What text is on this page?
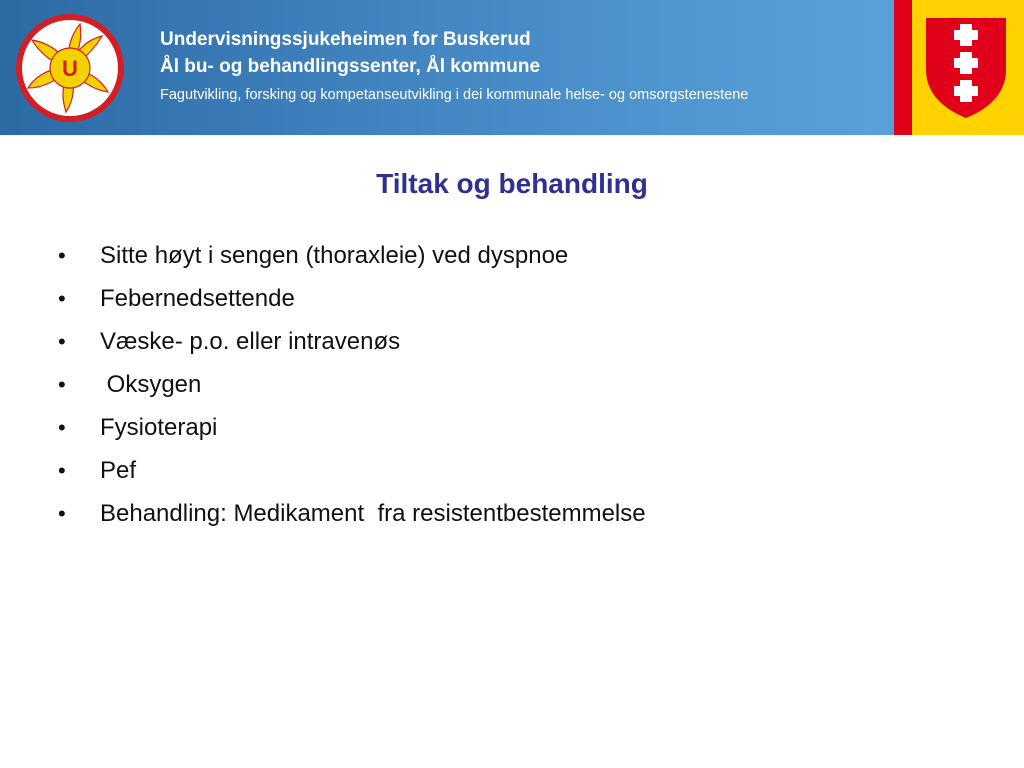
U
Undervisningssjukeheimen for Buskerud
Ål bu- og behandlingssenter, Ål kommune
Fagutvikling, forsking og kompetanseutvikling i dei kommunale helse- og omsorgstenestene
Tiltak og behandling
• Sitte høyt i sengen (thoraxleie) ved dyspnoe
• Febernedsettende
• Væske- p.o. eller intravenøs
• Oksygen
• Fysioterapi
• Pef
• Behandling: Medikament  fra resistentbestemmelse
